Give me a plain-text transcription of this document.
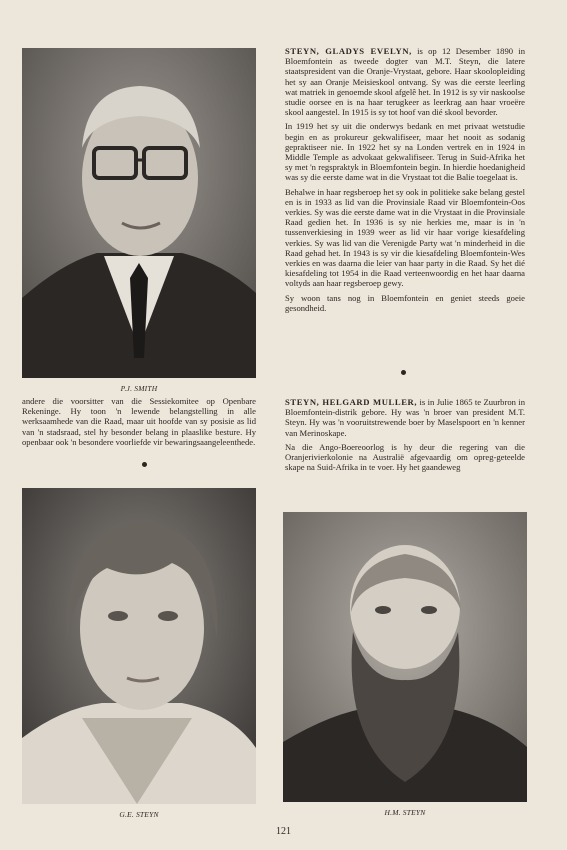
P.J. SMITH

andere die voorsitter van die Sessiekomitee op Openbare Rekeninge. Hy toon 'n lewende belangstelling in alle werksaamhede van die Raad, maar uit hoofde van sy posisie as lid van 'n stadsraad, stel hy besonder belang in plaaslike besture. Hy openbaar ook 'n besondere voorliefde vir bewaringsaangeleenthede.

STEYN, GLADYS EVELYN, is op 12 Desember 1890 in Bloemfontein as tweede dogter van M.T. Steyn, die latere staatspresident van die Oranje-Vrystaat, gebore. Haar skoolopleiding het sy aan Oranje Meisieskool ontvang. Sy was die eerste leerling wat matriek in genoemde skool afgelê het. In 1912 is sy vir naskoolse studie oorsee en is na haar terugkeer as leerkrag aan haar vroeëre skool aangestel. In 1915 is sy tot hoof van dié skool bevorder.

In 1919 het sy uit die onderwys bedank en met privaat wetstudie begin en as prokureur gekwalifiseer, maar het nooit as sodanig gepraktiseer nie. In 1922 het sy na Londen vertrek en in 1924 in Middle Temple as advokaat gekwalifiseer. Terug in Suid-Afrika het sy met 'n regspraktyk in Bloemfontein begin. In hierdie hoedanigheid was sy die eerste dame wat in die Vrystaat tot die Balie toegelaat is.

Behalwe in haar regsberoep het sy ook in politieke sake belang gestel en is in 1933 as lid van die Provinsiale Raad vir Bloemfontein-Oos verkies. Sy was die eerste dame wat in die Vrystaat in die Provinsiale Raad gedien het. In 1936 is sy nie herkies me, maar is in 'n tussenverkiesing in 1939 weer as lid vir haar vorige kiesafdeling verkies. Sy was lid van die Verenigde Party wat 'n minderheid in die Raad gehad het. In 1943 is sy vir die kiesafdeling Bloemfontein-Wes verkies en was daarna die leier van haar party in die Raad. Sy het dié kiesafdeling tot 1954 in die Raad verteenwoordig en het haar daarna voltyds aan haar regsberoep gewy.

Sy woon tans nog in Bloemfontein en geniet steeds goeie gesondheid.

STEYN, HELGARD MULLER, is in Julie 1865 te Zuurbron in Bloemfontein-distrik gebore. Hy was 'n broer van president M.T. Steyn. Hy was 'n vooruitstrewende boer by Maselspoort en 'n kenner van Merinoskape.

Na die Ango-Boereoorlog is hy deur die regering van die Oranjerivierkolonie na Australië afgevaardig om opreg-geteelde skape na Suid-Afrika in te voer. Hy het gaandeweg

G.E. STEYN	H.M. STEYN
121
